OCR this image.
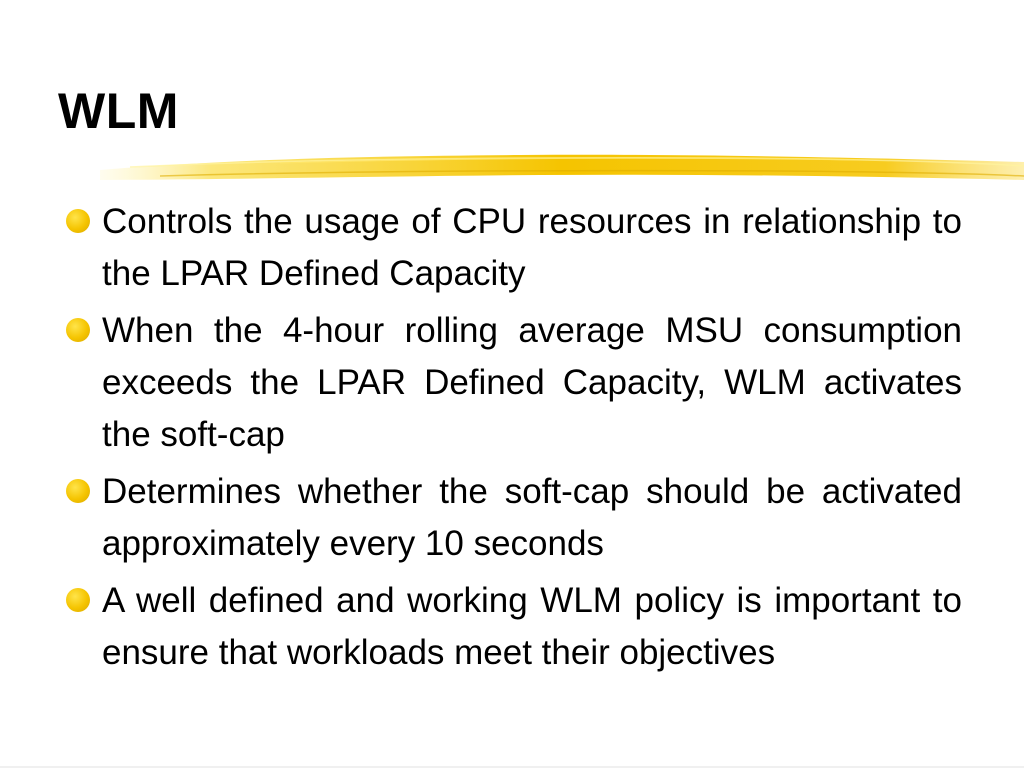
WLM
Controls the usage of CPU resources in relationship to the LPAR Defined Capacity
When the 4-hour rolling average MSU consumption exceeds the LPAR Defined Capacity, WLM activates the soft-cap
Determines whether the soft-cap should be activated approximately every 10 seconds
A well defined and working WLM policy is important to ensure that workloads meet their objectives
